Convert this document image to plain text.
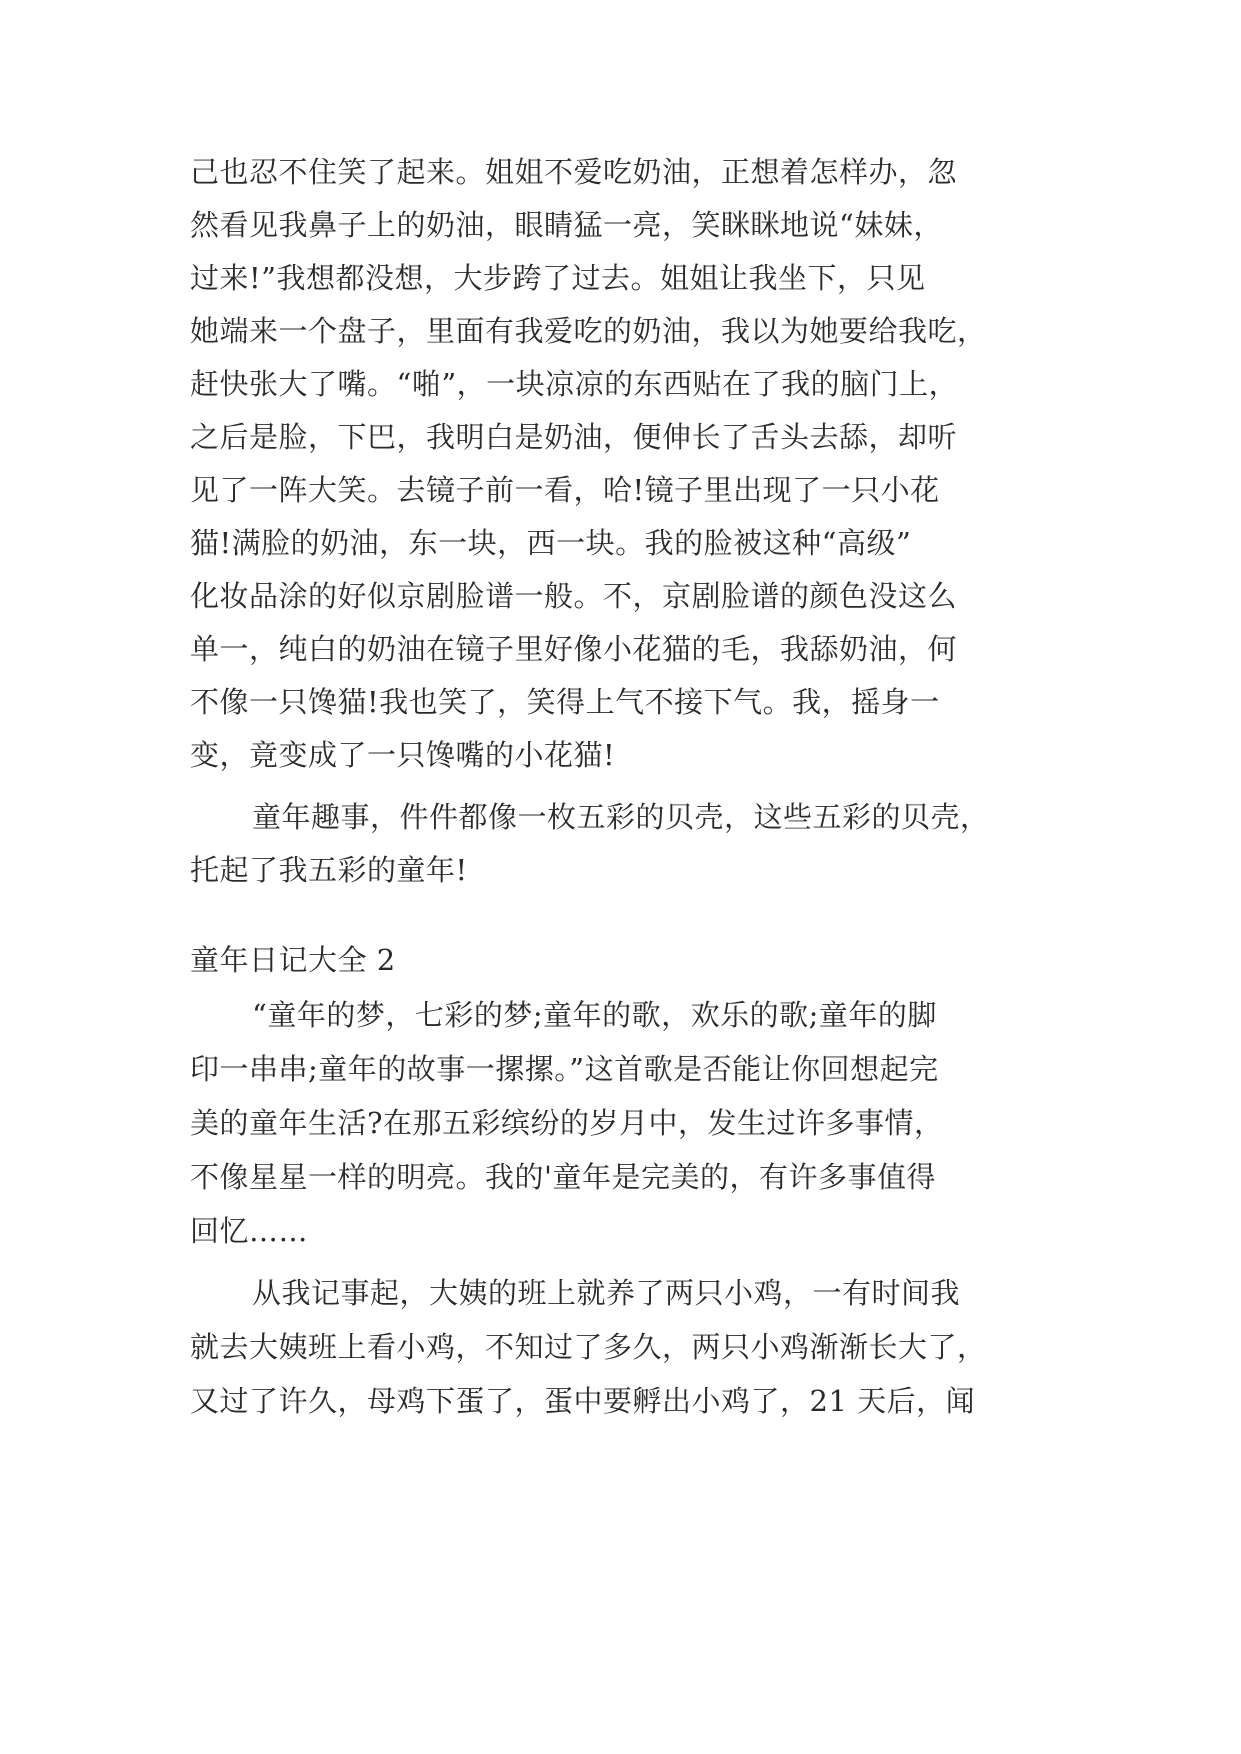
己也忍不住笑了起来。姐姐不爱吃奶油，正想着怎样办，忽
然看见我鼻子上的奶油，眼睛猛一亮，笑眯眯地说“妹妹，
过来!”我想都没想，大步跨了过去。姐姐让我坐下，只见
她端来一个盘子，里面有我爱吃的奶油，我以为她要给我吃，
赶快张大了嘴。“啪”，一块凉凉的东西贴在了我的脑门上，
之后是脸，下巴，我明白是奶油，便伸长了舌头去舔，却听
见了一阵大笑。去镜子前一看，哈!镜子里出现了一只小花
猫!满脸的奶油，东一块，西一块。我的脸被这种“高级”
化妆品涂的好似京剧脸谱一般。不，京剧脸谱的颜色没这么
单一，纯白的奶油在镜子里好像小花猫的毛，我舔奶油，何
不像一只馋猫!我也笑了，笑得上气不接下气。我，摇身一
变，竟变成了一只馋嘴的小花猫!
童年趣事，件件都像一枚五彩的贝壳，这些五彩的贝壳，
托起了我五彩的童年!
童年日记大全 2
“童年的梦，七彩的梦;童年的歌，欢乐的歌;童年的脚
印一串串;童年的故事一摞摞。”这首歌是否能让你回想起完
美的童年生活?在那五彩缤纷的岁月中，发生过许多事情，
不像星星一样的明亮。我的'童年是完美的，有许多事值得
回忆……
从我记事起，大姨的班上就养了两只小鸡，一有时间我
就去大姨班上看小鸡，不知过了多久，两只小鸡渐渐长大了，
又过了许久，母鸡下蛋了，蛋中要孵出小鸡了，21 天后，闻
